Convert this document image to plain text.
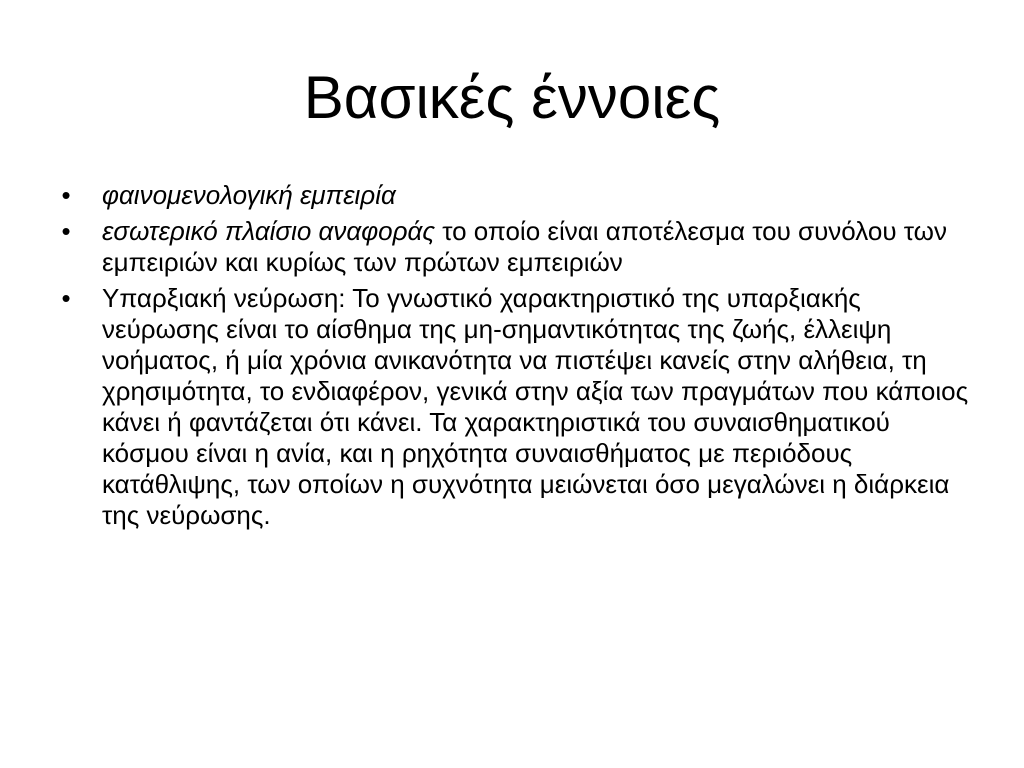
Βασικές έννοιες
• φαινομενολογική εμπειρία
• εσωτερικό πλαίσιο αναφοράς το οποίο είναι αποτέλεσμα του συνόλου των εμπειριών και κυρίως των πρώτων εμπειριών
• Υπαρξιακή νεύρωση: Το γνωστικό χαρακτηριστικό της υπαρξιακής νεύρωσης είναι το αίσθημα της μη-σημαντικότητας της ζωής, έλλειψη νοήματος, ή μία χρόνια ανικανότητα να πιστέψει κανείς στην αλήθεια, τη χρησιμότητα, το ενδιαφέρον, γενικά στην αξία των πραγμάτων που κάποιος κάνει ή φαντάζεται ότι κάνει. Τα χαρακτηριστικά του συναισθηματικού κόσμου είναι η ανία, και η ρηχότητα συναισθήματος με περιόδους κατάθλιψης, των οποίων η συχνότητα μειώνεται όσο μεγαλώνει η διάρκεια της νεύρωσης.
